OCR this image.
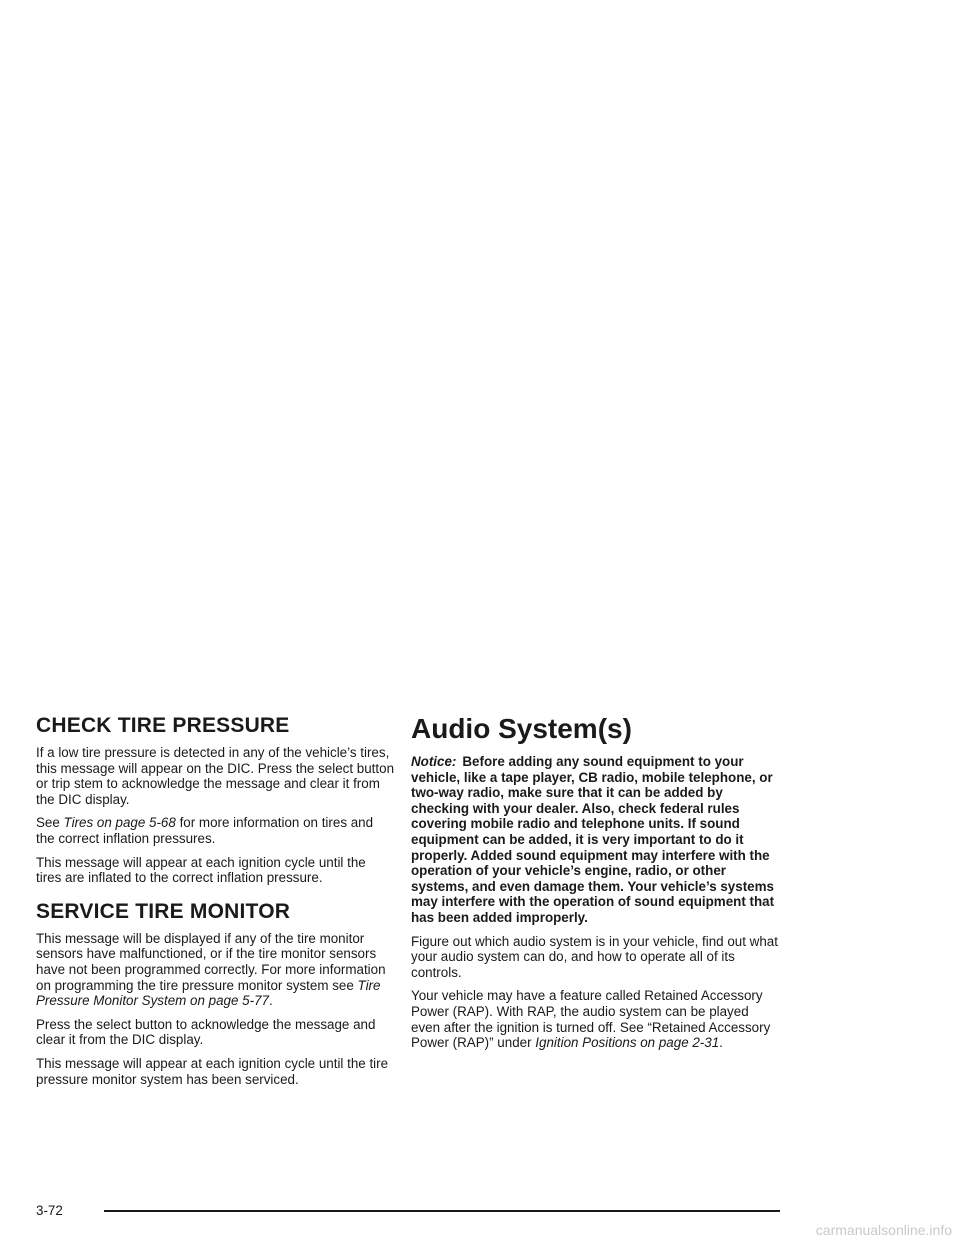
CHECK TIRE PRESSURE

If a low tire pressure is detected in any of the vehicle’s tires, this message will appear on the DIC. Press the select button or trip stem to acknowledge the message and clear it from the DIC display.

See Tires on page 5-68 for more information on tires and the correct inflation pressures.

This message will appear at each ignition cycle until the tires are inflated to the correct inflation pressure.

SERVICE TIRE MONITOR

This message will be displayed if any of the tire monitor sensors have malfunctioned, or if the tire monitor sensors have not been programmed correctly. For more information on programming the tire pressure monitor system see Tire Pressure Monitor System on page 5-77.

Press the select button to acknowledge the message and clear it from the DIC display.

This message will appear at each ignition cycle until the tire pressure monitor system has been serviced.

Audio System(s)

Notice: Before adding any sound equipment to your vehicle, like a tape player, CB radio, mobile telephone, or two-way radio, make sure that it can be added by checking with your dealer. Also, check federal rules covering mobile radio and telephone units. If sound equipment can be added, it is very important to do it properly. Added sound equipment may interfere with the operation of your vehicle’s engine, radio, or other systems, and even damage them. Your vehicle’s systems may interfere with the operation of sound equipment that has been added improperly.

Figure out which audio system is in your vehicle, find out what your audio system can do, and how to operate all of its controls.

Your vehicle may have a feature called Retained Accessory Power (RAP). With RAP, the audio system can be played even after the ignition is turned off. See “Retained Accessory Power (RAP)” under Ignition Positions on page 2-31.

3-72
carmanualsonline.info
